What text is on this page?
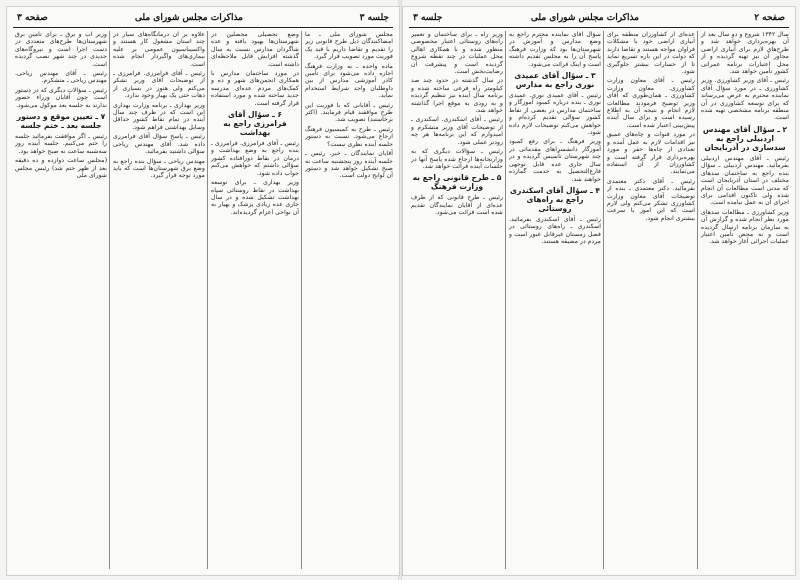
صفحه ۲
مذاکرات مجلس شورای ملی
جلسه ۳

سال ۱۳۴۲ شروع و دو سال بعد از آن بهره‌برداری خواهد شد و طرح‌های لازم برای آبیاری اراضی مجاور آن نیز تهیه گردیده و از محل اعتبارات برنامه عمرانی کشور تأمین خواهد شد.

رئیس ـ آقای وزیر کشاورزی. وزیر کشاورزی ـ در مورد سؤال آقای نماینده محترم به عرض می‌رساند که برای توسعه کشاورزی در آن منطقه برنامه مشخصی تهیه شده است.

۲ ـ سؤال آقای مهندس اردبیلی راجع به سدسازی در آذربایجان

رئیس ـ آقای مهندس اردبیلی بفرمائید. مهندس اردبیلی ـ سؤال بنده راجع به ساختمان سدهای مختلف در استان آذربایجان است که مدتی است مطالعات آن انجام شده ولی تاکنون اقدامی برای اجرای آن به عمل نیامده است.

وزیر کشاورزی ـ مطالعات سدهای مورد نظر انجام شده و گزارش آن به سازمان برنامه ارسال گردیده است و به محض تأمین اعتبار عملیات اجرائی آغاز خواهد شد.

عده‌ای از کشاورزان منطقه برای آبیاری اراضی خود با مشکلات فراوان مواجه هستند و تقاضا دارند که دولت در این باره تسریع نماید تا از خسارات بیشتر جلوگیری شود.

رئیس ـ آقای معاون وزارت کشاورزی. معاون وزارت کشاورزی ـ همان‌طوری که آقای وزیر توضیح فرمودند مطالعات لازم انجام و نتیجه آن به اطلاع رسیده است و برای سال آینده پیش‌بینی اعتبار شده است.

در مورد قنوات و چاه‌های عمیق نیز اقدامات لازم به عمل آمده و تعدادی از چاه‌ها حفر و مورد بهره‌برداری قرار گرفته است و کشاورزان از آن استفاده می‌نمایند.

رئیس ـ آقای دکتر معتمدی بفرمائید. دکتر معتمدی ـ بنده از توضیحات آقای معاون وزارت کشاورزی تشکر می‌کنم ولی لازم است که این امور با سرعت بیشتری انجام شود.

سؤال آقای نماینده محترم راجع به وضع مدارس و آموزش در شهرستان‌ها بود که وزارت فرهنگ پاسخ آن را به مجلس تقدیم داشته است و اینک قرائت می‌شود.

۳ ـ سؤال آقای عمیدی نوری راجع به مدارس

رئیس ـ آقای عمیدی نوری. عمیدی نوری ـ بنده درباره کمبود آموزگار و ساختمان مدارس در بعضی از نقاط کشور سؤالی تقدیم کرده‌ام و خواهش می‌کنم توضیحات لازم داده شود.

وزیر فرهنگ ـ برای رفع کمبود آموزگار دانشسراهای مقدماتی در چند شهرستان تأسیس گردیده و در سال جاری عده قابل توجهی فارغ‌التحصیل به خدمت گمارده خواهند شد.

۴ ـ سؤال آقای اسکندری راجع به راه‌های روستائی

رئیس ـ آقای اسکندری بفرمائید. اسکندری ـ راه‌های روستائی در فصل زمستان غیرقابل عبور است و مردم در مضیقه هستند.

وزیر راه ـ برای ساختمان و تعمیر راه‌های روستائی اعتبار مخصوصی منظور شده و با همکاری اهالی محل عملیات در چند نقطه شروع گردیده است و پیشرفت آن رضایت‌بخش است.

در سال گذشته در حدود چند صد کیلومتر راه فرعی ساخته شده و برنامه سال آینده نیز تنظیم گردیده و به زودی به موقع اجرا گذاشته خواهد شد.

رئیس ـ آقای اسکندری. اسکندری ـ از توضیحات آقای وزیر متشکرم و امیدوارم که این برنامه‌ها هر چه زودتر عملی شود.

رئیس ـ سؤالات دیگری که به وزارتخانه‌ها ارجاع شده پاسخ آنها در جلسات آینده قرائت خواهد شد.

۵ ـ طرح قانونی راجع به وزارت فرهنگ

رئیس ـ طرح قانونی که از طرف عده‌ای از آقایان نمایندگان تقدیم شده است قرائت می‌شود.

جلسه ۳
مذاکرات مجلس شورای ملی
صفحه ۳

مجلس شورای ملی ـ ما امضاکنندگان ذیل طرح قانونی زیر را تقدیم و تقاضا داریم با قید یک فوریت مورد تصویب قرار گیرد.

ماده واحده ـ به وزارت فرهنگ اجازه داده می‌شود برای تأمین کادر آموزشی مدارس از بین داوطلبان واجد شرایط استخدام نماید.

رئیس ـ آقایانی که با فوریت این طرح موافقند قیام فرمایند. (اکثر برخاستند) تصویب شد.

رئیس ـ طرح به کمیسیون فرهنگ ارجاع می‌شود. نسبت به دستور جلسه آینده نظری نیست؟

آقایان نمایندگان ـ خیر. رئیس ـ جلسه آینده روز پنجشنبه ساعت نه صبح تشکیل خواهد شد و دستور آن لوایح دولت است.

وضع تحصیلی محصلین در شهرستان‌ها بهبود یافته و عده شاگردان مدارس نسبت به سال گذشته افزایش قابل ملاحظه‌ای داشته است.

در مورد ساختمان مدارس با همکاری انجمن‌های شهر و ده و کمک‌های مردم عده‌ای مدرسه جدید ساخته شده و مورد استفاده قرار گرفته است.

۶ ـ سؤال آقای فرامرزی راجع به بهداشت

رئیس ـ آقای فرامرزی. فرامرزی ـ بنده راجع به وضع بهداشت و درمان در نقاط دورافتاده کشور سؤالی داشتم که خواهش می‌کنم جواب داده شود.

وزیر بهداری ـ برای توسعه بهداشت در نقاط روستائی سپاه بهداشت تشکیل شده و در سال جاری عده زیادی پزشک و بهیار به آن نواحی اعزام گردیده‌اند.

علاوه بر آن درمانگاه‌های سیار در چند استان مشغول کار هستند و واکسیناسیون عمومی بر علیه بیماری‌های واگیردار انجام شده است.

رئیس ـ آقای فرامرزی. فرامرزی ـ از توضیحات آقای وزیر تشکر می‌کنم ولی هنوز در بسیاری از دهات حتی یک بهیار وجود ندارد.

وزیر بهداری ـ برنامه وزارت بهداری این است که در ظرف چند سال آینده در تمام نقاط کشور حداقل وسایل بهداشتی فراهم شود.

رئیس ـ پاسخ سؤال آقای فرامرزی داده شد. آقای مهندس ریاحی سؤالی داشتید بفرمائید.

مهندس ریاحی ـ سؤال بنده راجع به وضع برق شهرستان‌ها است که باید مورد توجه قرار گیرد.

وزیر آب و برق ـ برای تأمین برق شهرستان‌ها طرح‌های متعددی در دست اجرا است و نیروگاه‌های جدیدی در چند شهر نصب گردیده است.

رئیس ـ آقای مهندس ریاحی. مهندس ریاحی ـ متشکرم.

رئیس ـ سؤالات دیگری که در دستور است چون آقایان وزراء حضور ندارند به جلسه بعد موکول می‌شود.

۷ ـ تعیین موقع و دستور جلسه بعد ـ ختم جلسه

رئیس ـ اگر موافقت بفرمائید جلسه را ختم می‌کنیم. جلسه آینده روز سه‌شنبه ساعت نه صبح خواهد بود.

(مجلس ساعت دوازده و ده دقیقه بعد از ظهر ختم شد) رئیس مجلس شورای ملی
